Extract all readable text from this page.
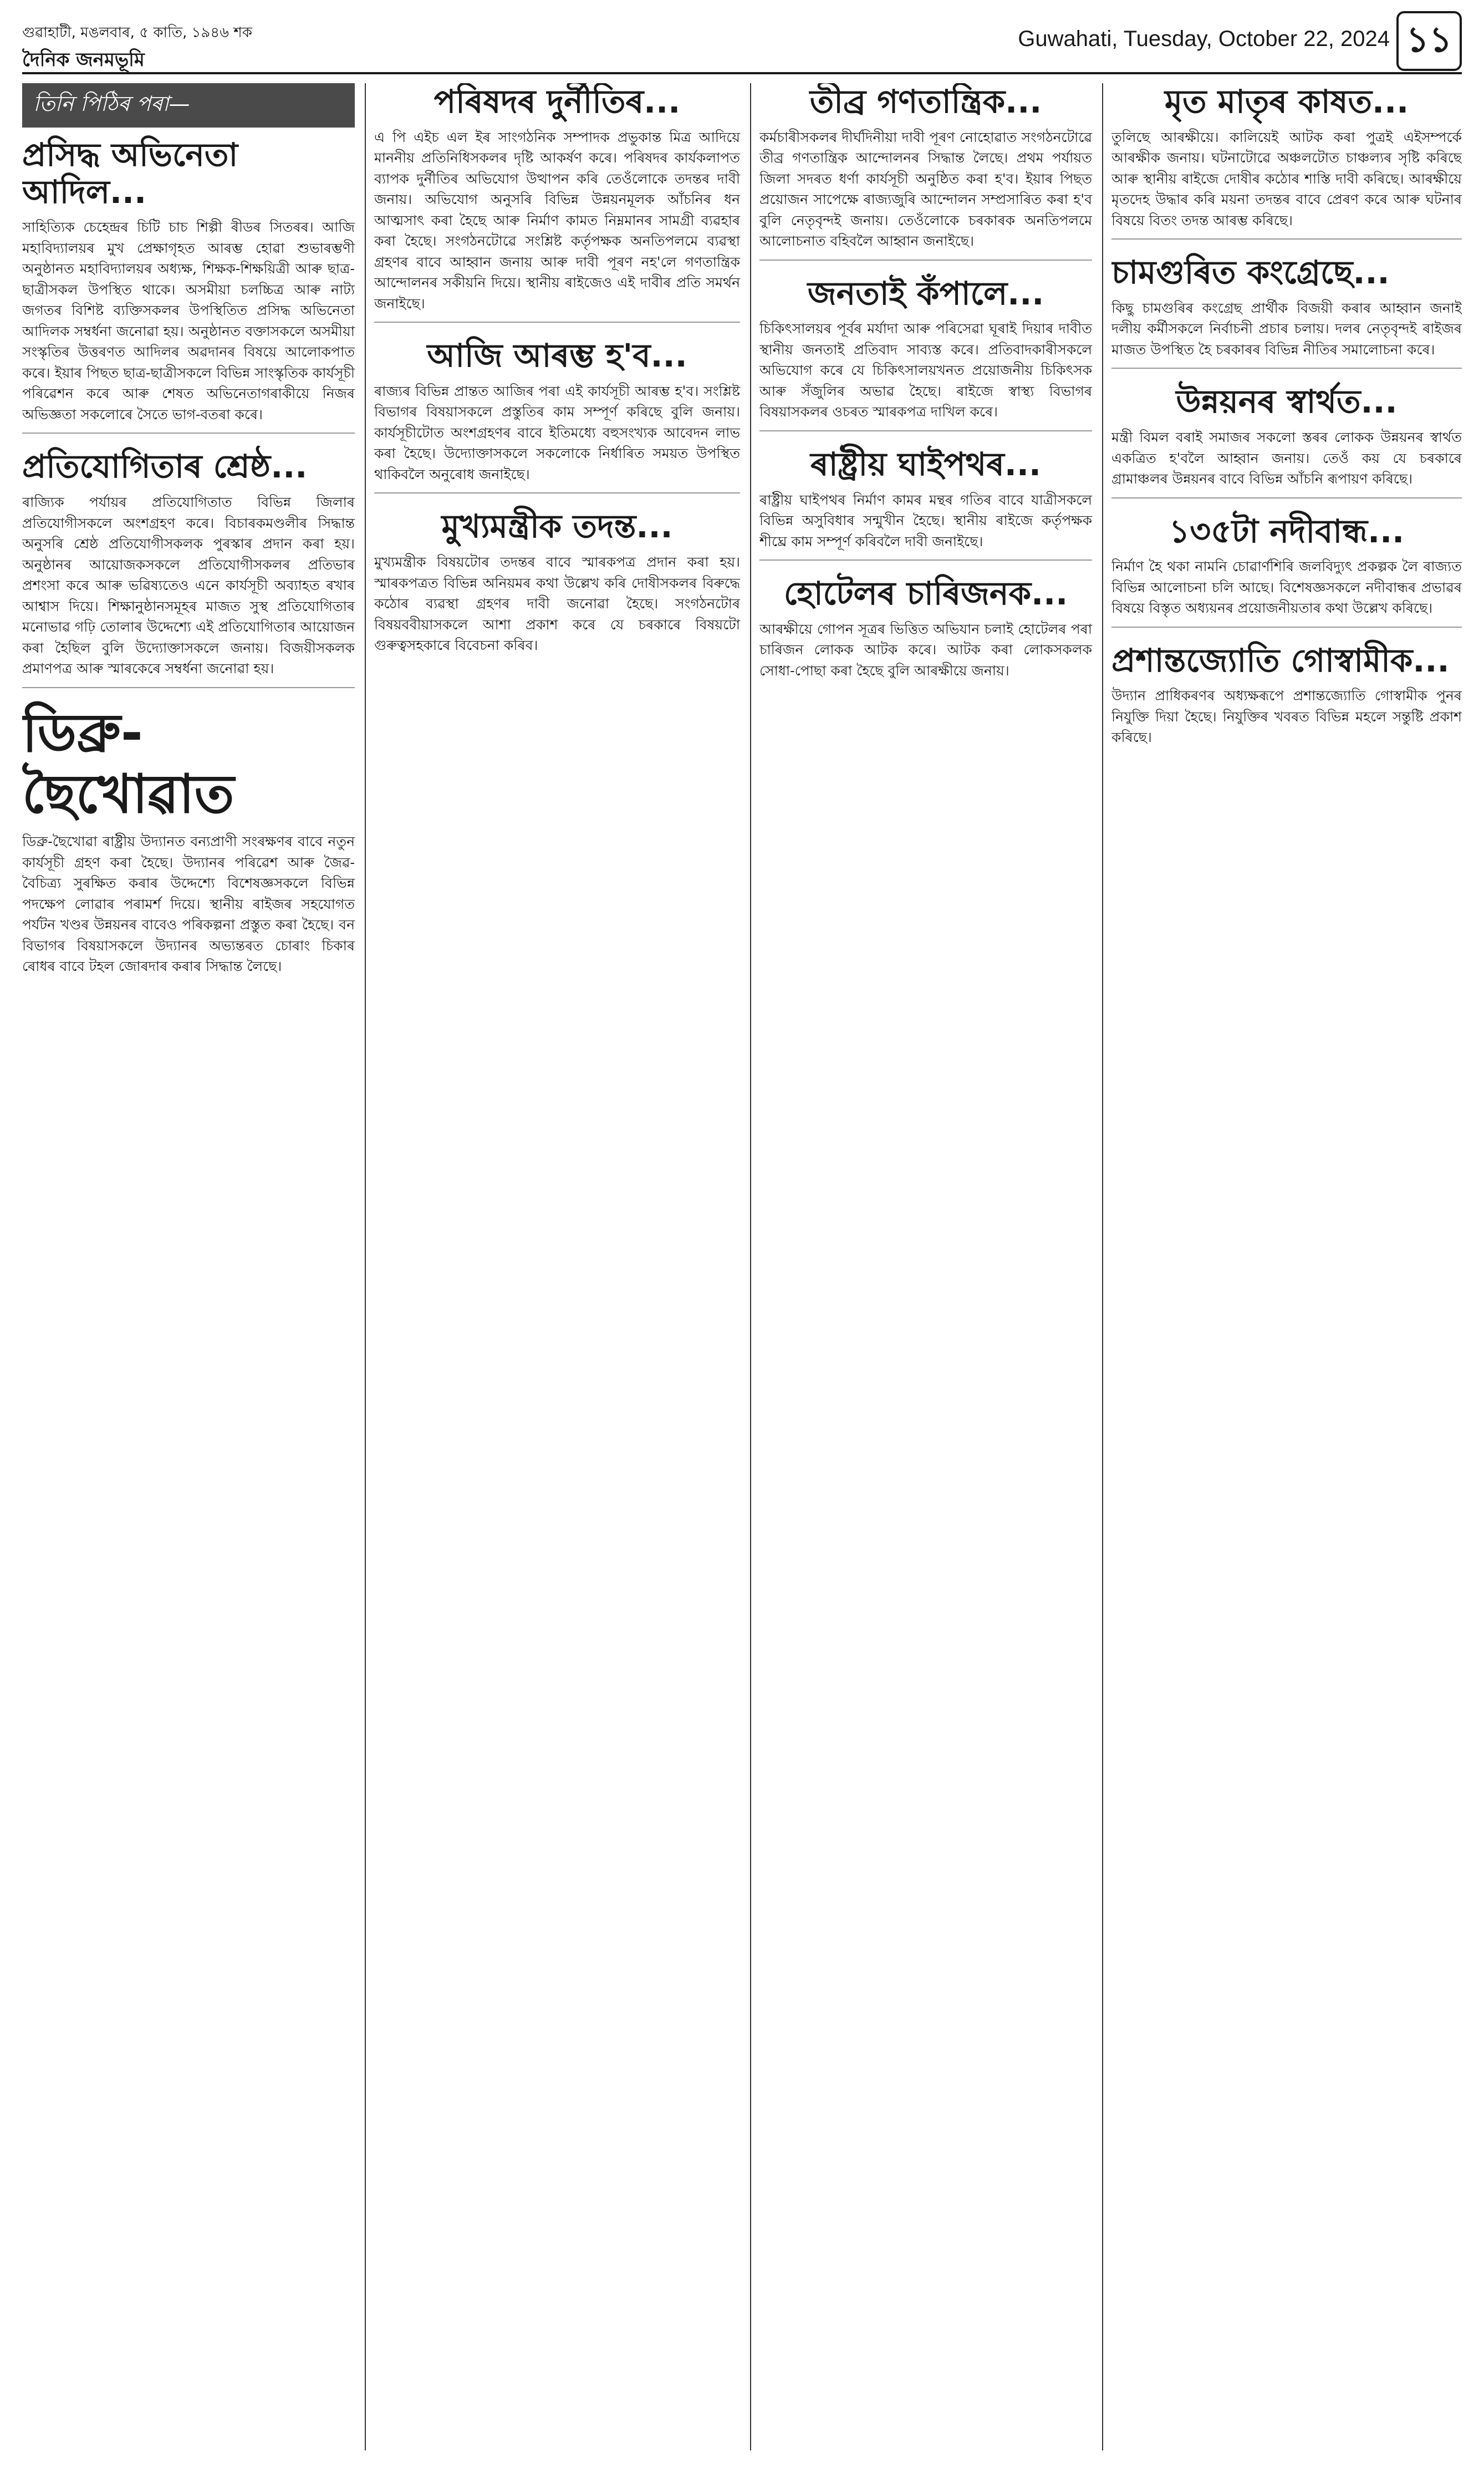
গুৱাহাটী, মঙলবাৰ, ৫ কাতি, ১৯৪৬ শক
দৈনিক জনমভূমি
Guwahati, Tuesday, October 22, 2024 ১১
তিনি পিঠিৰ পৰা—
প্ৰসিদ্ধ অভিনেতা আদিল...

সাহিত্যিক চেহেন্দ্ৰৰ চিটি চাচ শিল্পী ৰীডৰ সিতৰৰ। আজি মহাবিদ্যালয়ৰ মুখ প্ৰেক্ষাগৃহত আৰম্ভ হোৱা শুভাৰম্ভণী অনুষ্ঠানত মহাবিদ্যালয়ৰ অধ্যক্ষ, শিক্ষক-শিক্ষয়িত্ৰী আৰু ছাত্ৰ-ছাত্ৰীসকল উপস্থিত থাকে। অসমীয়া চলচ্চিত্ৰ আৰু নাট্য জগতৰ বিশিষ্ট ব্যক্তিসকলৰ উপস্থিতিত প্ৰসিদ্ধ অভিনেতা আদিলক সম্বৰ্ধনা জনোৱা হয়। অনুষ্ঠানত বক্তাসকলে অসমীয়া সংস্কৃতিৰ উত্তৰণত আদিলৰ অৱদানৰ বিষয়ে আলোকপাত কৰে। ইয়াৰ পিছত ছাত্ৰ-ছাত্ৰীসকলে বিভিন্ন সাংস্কৃতিক কাৰ্যসূচী পৰিৱেশন কৰে আৰু শেষত অভিনেতাগৰাকীয়ে নিজৰ অভিজ্ঞতা সকলোৰে সৈতে ভাগ-বতৰা কৰে।

প্ৰতিযোগিতাৰ শ্ৰেষ্ঠ...

ৰাজ্যিক পৰ্যায়ৰ প্ৰতিযোগিতাত বিভিন্ন জিলাৰ প্ৰতিযোগীসকলে অংশগ্ৰহণ কৰে। বিচাৰকমণ্ডলীৰ সিদ্ধান্ত অনুসৰি শ্ৰেষ্ঠ প্ৰতিযোগীসকলক পুৰস্কাৰ প্ৰদান কৰা হয়। অনুষ্ঠানৰ আয়োজকসকলে প্ৰতিযোগীসকলৰ প্ৰতিভাৰ প্ৰশংসা কৰে আৰু ভৱিষ্যতেও এনে কাৰ্যসূচী অব্যাহত ৰখাৰ আশ্বাস দিয়ে। শিক্ষানুষ্ঠানসমূহৰ মাজত সুস্থ প্ৰতিযোগিতাৰ মনোভাৱ গঢ়ি তোলাৰ উদ্দেশ্যে এই প্ৰতিযোগিতাৰ আয়োজন কৰা হৈছিল বুলি উদ্যোক্তাসকলে জনায়। বিজয়ীসকলক প্ৰমাণপত্ৰ আৰু স্মাৰকেৰে সম্বৰ্ধনা জনোৱা হয়।

ডিব্ৰু-ছৈখোৱাত

ডিব্ৰু-ছৈখোৱা ৰাষ্ট্ৰীয় উদ্যানত বন্যপ্ৰাণী সংৰক্ষণৰ বাবে নতুন কাৰ্যসূচী গ্ৰহণ কৰা হৈছে। উদ্যানৰ পৰিৱেশ আৰু জৈৱ-বৈচিত্ৰ্য সুৰক্ষিত কৰাৰ উদ্দেশ্যে বিশেষজ্ঞসকলে বিভিন্ন পদক্ষেপ লোৱাৰ পৰামৰ্শ দিয়ে। স্থানীয় ৰাইজৰ সহযোগত পৰ্যটন খণ্ডৰ উন্নয়নৰ বাবেও পৰিকল্পনা প্ৰস্তুত কৰা হৈছে। বন বিভাগৰ বিষয়াসকলে উদ্যানৰ অভ্যন্তৰত চোৰাং চিকাৰ ৰোধৰ বাবে টহল জোৰদাৰ কৰাৰ সিদ্ধান্ত লৈছে।

পৰিষদৰ দুৰ্নীতিৰ...

এ পি এইচ এল ইৰ সাংগঠনিক সম্পাদক প্ৰভুকান্ত মিত্ৰ আদিয়ে মাননীয় প্ৰতিনিধিসকলৰ দৃষ্টি আকৰ্ষণ কৰে। পৰিষদৰ কাৰ্যকলাপত ব্যাপক দুৰ্নীতিৰ অভিযোগ উত্থাপন কৰি তেওঁলোকে তদন্তৰ দাবী জনায়। অভিযোগ অনুসৰি বিভিন্ন উন্নয়নমূলক আঁচনিৰ ধন আত্মসাৎ কৰা হৈছে আৰু নিৰ্মাণ কামত নিম্নমানৰ সামগ্ৰী ব্যৱহাৰ কৰা হৈছে। সংগঠনটোৱে সংশ্লিষ্ট কৰ্তৃপক্ষক অনতিপলমে ব্যৱস্থা গ্ৰহণৰ বাবে আহ্বান জনায় আৰু দাবী পূৰণ নহ'লে গণতান্ত্ৰিক আন্দোলনৰ সকীয়নি দিয়ে। স্থানীয় ৰাইজেও এই দাবীৰ প্ৰতি সমৰ্থন জনাইছে।

আজি আৰম্ভ হ'ব...

ৰাজ্যৰ বিভিন্ন প্ৰান্তত আজিৰ পৰা এই কাৰ্যসূচী আৰম্ভ হ'ব। সংশ্লিষ্ট বিভাগৰ বিষয়াসকলে প্ৰস্তুতিৰ কাম সম্পূৰ্ণ কৰিছে বুলি জনায়। কাৰ্যসূচীটোত অংশগ্ৰহণৰ বাবে ইতিমধ্যে বহুসংখ্যক আবেদন লাভ কৰা হৈছে। উদ্যোক্তাসকলে সকলোকে নিৰ্ধাৰিত সময়ত উপস্থিত থাকিবলৈ অনুৰোধ জনাইছে।

মুখ্যমন্ত্ৰীক তদন্ত...

মুখ্যমন্ত্ৰীক বিষয়টোৰ তদন্তৰ বাবে স্মাৰকপত্ৰ প্ৰদান কৰা হয়। স্মাৰকপত্ৰত বিভিন্ন অনিয়মৰ কথা উল্লেখ কৰি দোষীসকলৰ বিৰুদ্ধে কঠোৰ ব্যৱস্থা গ্ৰহণৰ দাবী জনোৱা হৈছে। সংগঠনটোৰ বিষয়ববীয়াসকলে আশা প্ৰকাশ কৰে যে চৰকাৰে বিষয়টো গুৰুত্বসহকাৰে বিবেচনা কৰিব।

তীব্ৰ গণতান্ত্ৰিক...

কৰ্মচাৰীসকলৰ দীৰ্ঘদিনীয়া দাবী পূৰণ নোহোৱাত সংগঠনটোৱে তীব্ৰ গণতান্ত্ৰিক আন্দোলনৰ সিদ্ধান্ত লৈছে। প্ৰথম পৰ্যায়ত জিলা সদৰত ধৰ্ণা কাৰ্যসূচী অনুষ্ঠিত কৰা হ'ব। ইয়াৰ পিছত প্ৰয়োজন সাপেক্ষে ৰাজ্যজুৰি আন্দোলন সম্প্ৰসাৰিত কৰা হ'ব বুলি নেতৃবৃন্দই জনায়। তেওঁলোকে চৰকাৰক অনতিপলমে আলোচনাত বহিবলৈ আহ্বান জনাইছে।

জনতাই কঁপালে...

চিকিৎসালয়ৰ পূৰ্বৰ মৰ্যাদা আৰু পৰিসেৱা ঘূৰাই দিয়াৰ দাবীত স্থানীয় জনতাই প্ৰতিবাদ সাব্যস্ত কৰে। প্ৰতিবাদকাৰীসকলে অভিযোগ কৰে যে চিকিৎসালয়খনত প্ৰয়োজনীয় চিকিৎসক আৰু সঁজুলিৰ অভাৱ হৈছে। ৰাইজে স্বাস্থ্য বিভাগৰ বিষয়াসকলৰ ওচৰত স্মাৰকপত্ৰ দাখিল কৰে।

ৰাষ্ট্ৰীয় ঘাইপথৰ...

ৰাষ্ট্ৰীয় ঘাইপথৰ নিৰ্মাণ কামৰ মন্থৰ গতিৰ বাবে যাত্ৰীসকলে বিভিন্ন অসুবিধাৰ সন্মুখীন হৈছে। স্থানীয় ৰাইজে কৰ্তৃপক্ষক শীঘ্ৰে কাম সম্পূৰ্ণ কৰিবলৈ দাবী জনাইছে।

হোটেলৰ চাৰিজনক...

আৰক্ষীয়ে গোপন সূত্ৰৰ ভিত্তিত অভিযান চলাই হোটেলৰ পৰা চাৰিজন লোকক আটক কৰে। আটক কৰা লোকসকলক সোধা-পোছা কৰা হৈছে বুলি আৰক্ষীয়ে জনায়।

মৃত মাতৃৰ কাষত...

তুলিছে আৰক্ষীয়ে। কালিয়েই আটক কৰা পুত্ৰই এইসম্পৰ্কে আৰক্ষীক জনায়। ঘটনাটোৱে অঞ্চলটোত চাঞ্চল্যৰ সৃষ্টি কৰিছে আৰু স্থানীয় ৰাইজে দোষীৰ কঠোৰ শাস্তি দাবী কৰিছে। আৰক্ষীয়ে মৃতদেহ উদ্ধাৰ কৰি ময়না তদন্তৰ বাবে প্ৰেৰণ কৰে আৰু ঘটনাৰ বিষয়ে বিতং তদন্ত আৰম্ভ কৰিছে।

চামগুৰিত কংগ্ৰেছে...

কিছু চামগুৰিৰ কংগ্ৰেছ প্ৰাৰ্থীক বিজয়ী কৰাৰ আহ্বান জনাই দলীয় কৰ্মীসকলে নিৰ্বাচনী প্ৰচাৰ চলায়। দলৰ নেতৃবৃন্দই ৰাইজৰ মাজত উপস্থিত হৈ চৰকাৰৰ বিভিন্ন নীতিৰ সমালোচনা কৰে।

উন্নয়নৰ স্বাৰ্থত...

মন্ত্ৰী বিমল বৰাই সমাজৰ সকলো স্তৰৰ লোকক উন্নয়নৰ স্বাৰ্থত একত্ৰিত হ'বলৈ আহ্বান জনায়। তেওঁ কয় যে চৰকাৰে গ্ৰামাঞ্চলৰ উন্নয়নৰ বাবে বিভিন্ন আঁচনি ৰূপায়ণ কৰিছে।

১৩৫টা নদীবান্ধ...

নিৰ্মাণ হৈ থকা নামনি চোৱাৰ্ণশিৰি জলবিদ্যুৎ প্ৰকল্পক লৈ ৰাজ্যত বিভিন্ন আলোচনা চলি আছে। বিশেষজ্ঞসকলে নদীবান্ধৰ প্ৰভাৱৰ বিষয়ে বিস্তৃত অধ্যয়নৰ প্ৰয়োজনীয়তাৰ কথা উল্লেখ কৰিছে।

প্ৰশান্তজ্যোতি গোস্বামীক...

উদ্যান প্ৰাধিকৰণৰ অধ্যক্ষৰূপে প্ৰশান্তজ্যোতি গোস্বামীক পুনৰ নিযুক্তি দিয়া হৈছে। নিযুক্তিৰ খবৰত বিভিন্ন মহলে সন্তুষ্টি প্ৰকাশ কৰিছে।
